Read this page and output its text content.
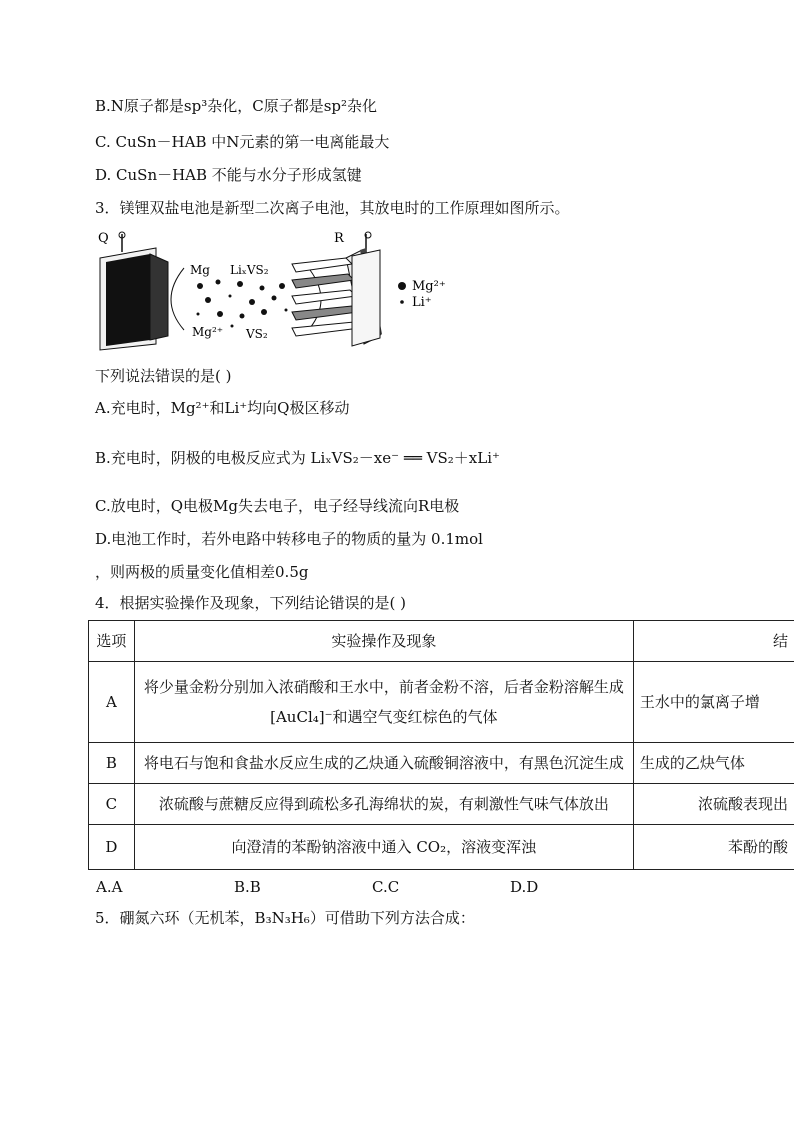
B.N原子都是sp³杂化，C原子都是sp²杂化
C. CuSn－HAB 中N元素的第一电离能最大
D. CuSn－HAB 不能与水分子形成氢键
3．镁锂双盐电池是新型二次离子电池，其放电时的工作原理如图所示。
Q
Mg LiₓVS₂
Mg²⁺ VS₂
R
Mg²⁺
Li⁺
下列说法错误的是( )
A.充电时，Mg²⁺和Li⁺均向Q极区移动
B.充电时，阴极的电极反应式为 LiₓVS₂－xe⁻ ══ VS₂＋xLi⁺
C.放电时，Q电极Mg失去电子，电子经导线流向R电极
D.电池工作时，若外电路中转移电子的物质的量为 0.1mol
，则两极的质量变化值相差0.5g
4．根据实验操作及现象，下列结论错误的是( )
选项	实验操作及现象	结
A	将少量金粉分别加入浓硝酸和王水中，前者金粉不溶，后者金粉溶解生成
[AuCl₄]⁻和遇空气变红棕色的气体	王水中的氯离子增
B	将电石与饱和食盐水反应生成的乙炔通入硫酸铜溶液中，有黑色沉淀生成	生成的乙炔气体
C	浓硫酸与蔗糖反应得到疏松多孔海绵状的炭，有刺激性气味气体放出	浓硫酸表现出
D	向澄清的苯酚钠溶液中通入 CO₂，溶液变浑浊	苯酚的酸
A.A	B.B	C.C	D.D
5．硼氮六环（无机苯，B₃N₃H₆）可借助下列方法合成：
